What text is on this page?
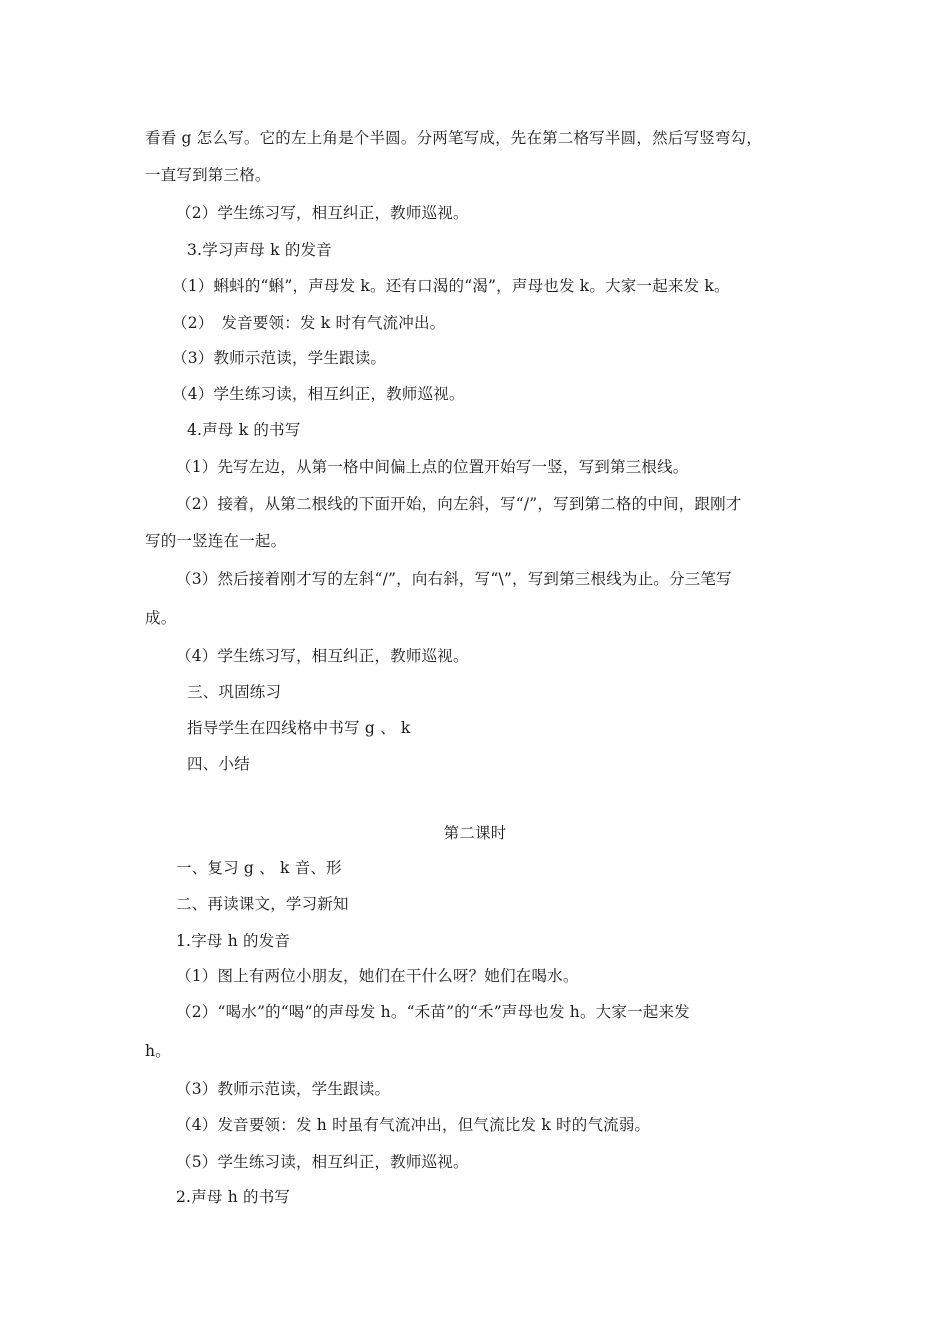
看看 g 怎么写。它的左上角是个半圆。分两笔写成，先在第二格写半圆，然后写竖弯勾，
一直写到第三格。
（2）学生练习写，相互纠正，教师巡视。
3.学习声母 k 的发音
（1）蝌蚪的“蝌”，声母发 k。还有口渴的“渴”，声母也发 k。大家一起来发 k。
（2）　发音要领：发 k 时有气流冲出。
（3）教师示范读，学生跟读。
（4）学生练习读，相互纠正，教师巡视。
4.声母 k 的书写
（1）先写左边，从第一格中间偏上点的位置开始写一竖，写到第三根线。
（2）接着，从第二根线的下面开始，向左斜，写“/”，写到第二格的中间，跟刚才
写的一竖连在一起。
（3）然后接着刚才写的左斜“/”，向右斜，写“\”，写到第三根线为止。分三笔写
成。
（4）学生练习写，相互纠正，教师巡视。
三、巩固练习
指导学生在四线格中书写 g 、 k
四、小结
第二课时
一、复习 g 、 k 音、形
二、再读课文，学习新知
1.字母 h 的发音
（1）图上有两位小朋友，她们在干什么呀？她们在喝水。
（2）“喝水”的“喝”的声母发 h。“禾苗”的“禾”声母也发 h。大家一起来发
h。
（3）教师示范读，学生跟读。
（4）发音要领：发 h 时虽有气流冲出，但气流比发 k 时的气流弱。
（5）学生练习读，相互纠正，教师巡视。
2.声母 h 的书写
